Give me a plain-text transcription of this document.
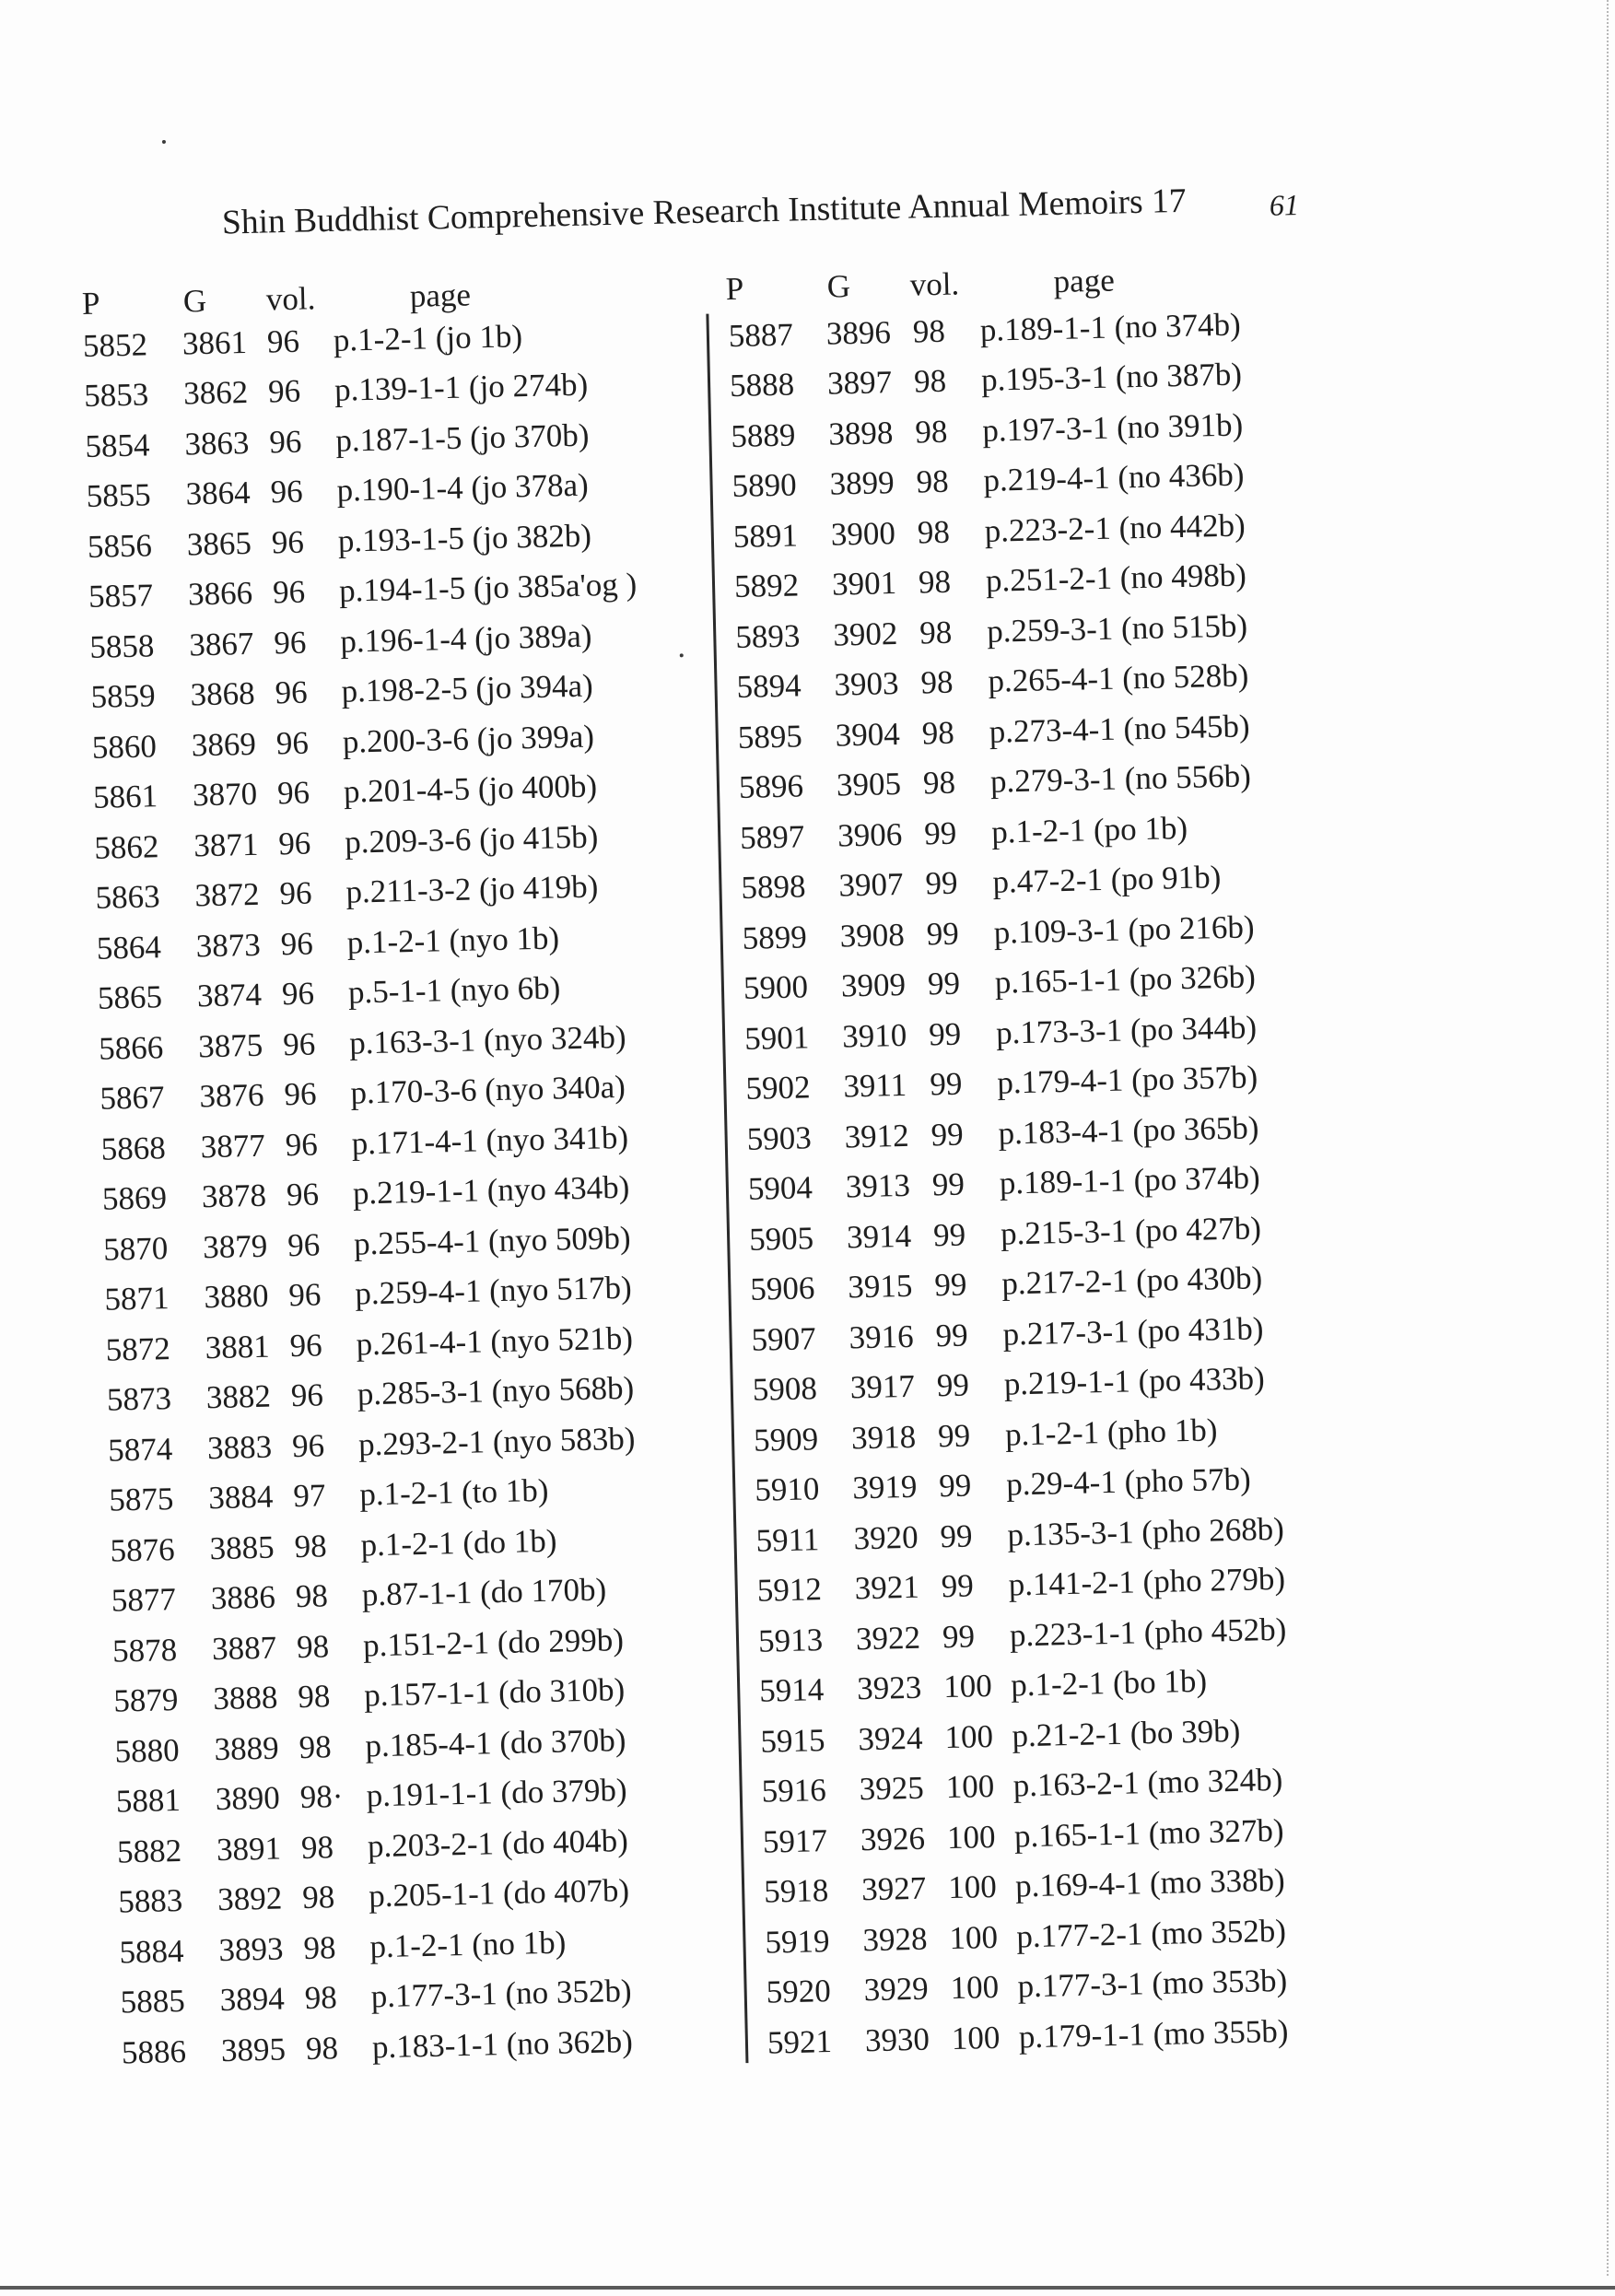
Shin Buddhist Comprehensive Research Institute Annual Memoirs 17	61
P	G vol.	page
5852 3861 96 p.1-2-1 (jo 1b)
5853 3862 96 p.139-1-1 (jo 274b)
5854 3863 96 p.187-1-5 (jo 370b)
5855 3864 96 p.190-1-4 (jo 378a)
5856 3865 96 p.193-1-5 (jo 382b)
5857 3866 96 p.194-1-5 (jo 385a'og )
5858 3867 96 p.196-1-4 (jo 389a)
5859 3868 96 p.198-2-5 (jo 394a)
5860 3869 96 p.200-3-6 (jo 399a)
5861 3870 96 p.201-4-5 (jo 400b)
5862 3871 96 p.209-3-6 (jo 415b)
5863 3872 96 p.211-3-2 (jo 419b)
5864 3873 96 p.1-2-1 (nyo 1b)
5865 3874 96 p.5-1-1 (nyo 6b)
5866 3875 96 p.163-3-1 (nyo 324b)
5867 3876 96 p.170-3-6 (nyo 340a)
5868 3877 96 p.171-4-1 (nyo 341b)
5869 3878 96 p.219-1-1 (nyo 434b)
5870 3879 96 p.255-4-1 (nyo 509b)
5871 3880 96 p.259-4-1 (nyo 517b)
5872 3881 96 p.261-4-1 (nyo 521b)
5873 3882 96 p.285-3-1 (nyo 568b)
5874 3883 96 p.293-2-1 (nyo 583b)
5875 3884 97 p.1-2-1 (to 1b)
5876 3885 98 p.1-2-1 (do 1b)
5877 3886 98 p.87-1-1 (do 170b)
5878 3887 98 p.151-2-1 (do 299b)
5879 3888 98 p.157-1-1 (do 310b)
5880 3889 98 p.185-4-1 (do 370b)
5881 3890 98· p.191-1-1 (do 379b)
5882 3891 98 p.203-2-1 (do 404b)
5883 3892 98 p.205-1-1 (do 407b)
5884 3893 98 p.1-2-1 (no 1b)
5885 3894 98 p.177-3-1 (no 352b)
5886 3895 98 p.183-1-1 (no 362b)
P	G vol.	page
5887 3896 98 p.189-1-1 (no 374b)
5888 3897 98 p.195-3-1 (no 387b)
5889 3898 98 p.197-3-1 (no 391b)
5890 3899 98 p.219-4-1 (no 436b)
5891 3900 98 p.223-2-1 (no 442b)
5892 3901 98 p.251-2-1 (no 498b)
5893 3902 98 p.259-3-1 (no 515b)
5894 3903 98 p.265-4-1 (no 528b)
5895 3904 98 p.273-4-1 (no 545b)
5896 3905 98 p.279-3-1 (no 556b)
5897 3906 99 p.1-2-1 (po 1b)
5898 3907 99 p.47-2-1 (po 91b)
5899 3908 99 p.109-3-1 (po 216b)
5900 3909 99 p.165-1-1 (po 326b)
5901 3910 99 p.173-3-1 (po 344b)
5902 3911 99 p.179-4-1 (po 357b)
5903 3912 99 p.183-4-1 (po 365b)
5904 3913 99 p.189-1-1 (po 374b)
5905 3914 99 p.215-3-1 (po 427b)
5906 3915 99 p.217-2-1 (po 430b)
5907 3916 99 p.217-3-1 (po 431b)
5908 3917 99 p.219-1-1 (po 433b)
5909 3918 99 p.1-2-1 (pho 1b)
5910 3919 99 p.29-4-1 (pho 57b)
5911 3920 99 p.135-3-1 (pho 268b)
5912 3921 99 p.141-2-1 (pho 279b)
5913 3922 99 p.223-1-1 (pho 452b)
5914 3923 100 p.1-2-1 (bo 1b)
5915 3924 100 p.21-2-1 (bo 39b)
5916 3925 100 p.163-2-1 (mo 324b)
5917 3926 100 p.165-1-1 (mo 327b)
5918 3927 100 p.169-4-1 (mo 338b)
5919 3928 100 p.177-2-1 (mo 352b)
5920 3929 100 p.177-3-1 (mo 353b)
5921 3930 100 p.179-1-1 (mo 355b)
